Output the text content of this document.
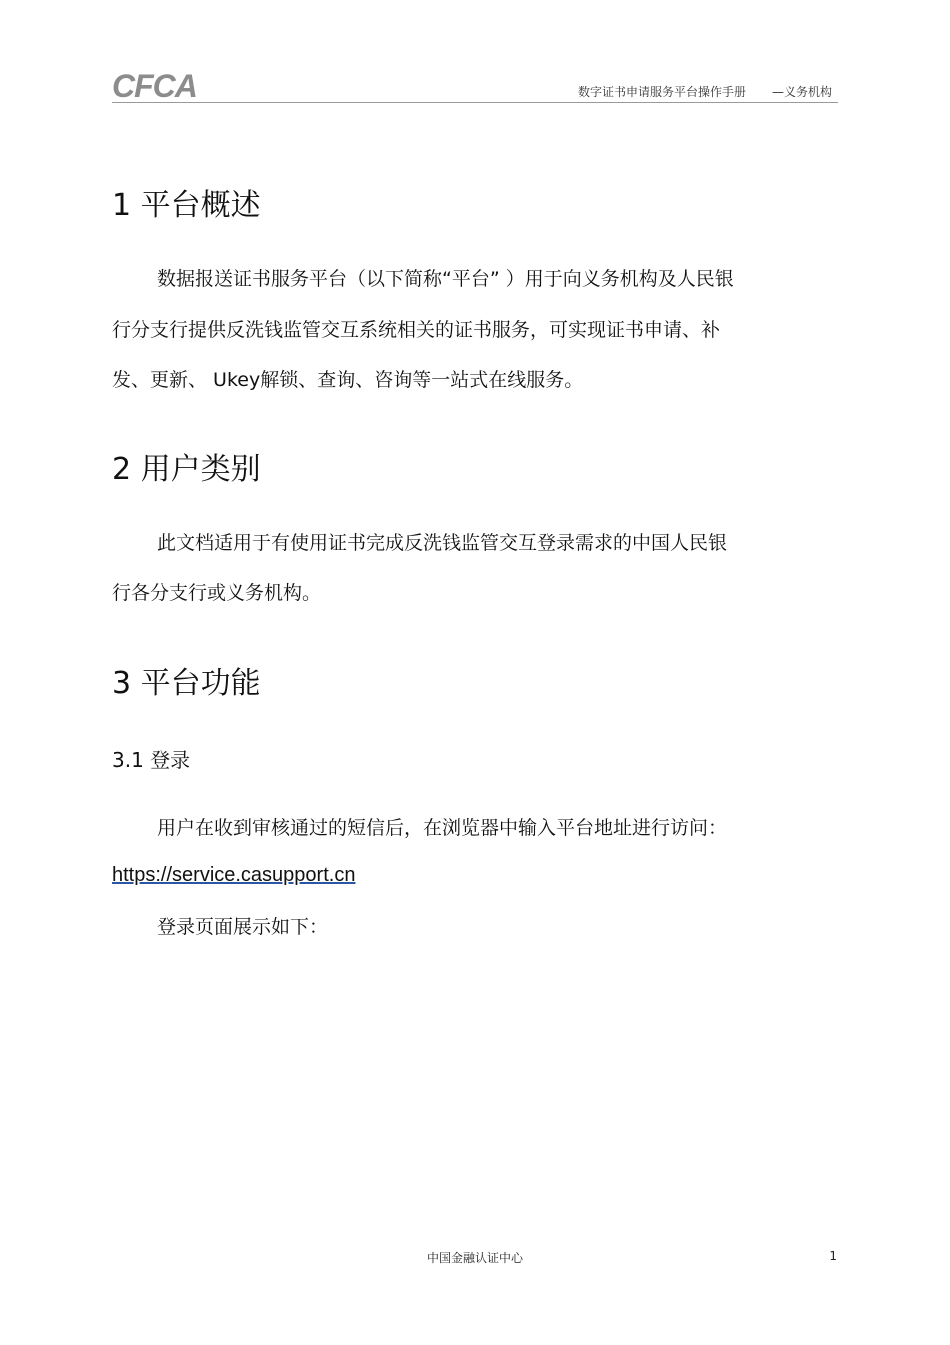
CFCA	数字证书申请服务平台操作手册 —义务机构
1 平台概述
数据报送证书服务平台（以下简称“平台” ）用于向义务机构及人民银
行分支行提供反洗钱监管交互系统相关的证书服务，可实现证书申请、补
发、更新、 Ukey解锁、查询、咨询等一站式在线服务。
2 用户类别
此文档适用于有使用证书完成反洗钱监管交互登录需求的中国人民银
行各分支行或义务机构。
3 平台功能
3.1 登录
用户在收到审核通过的短信后，在浏览器中输入平台地址进行访问：
https://service.casupport.cn
登录页面展示如下：
中国金融认证中心	1
